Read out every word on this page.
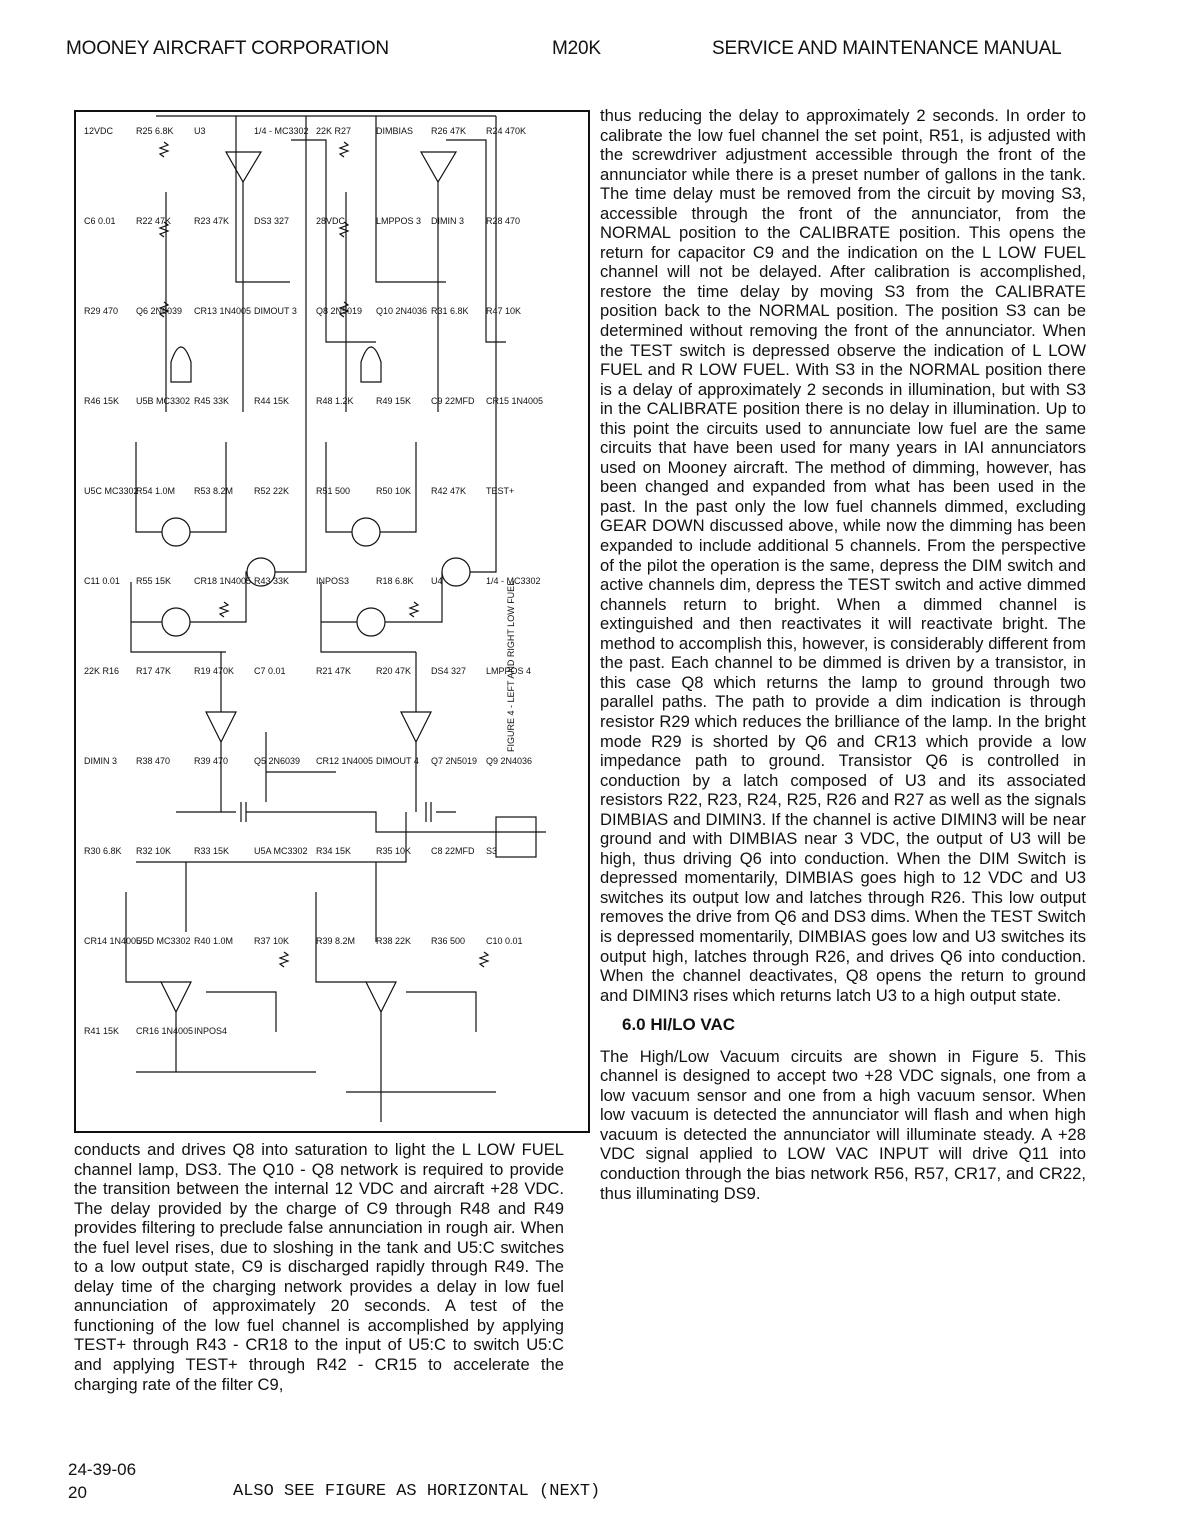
MOONEY AIRCRAFT CORPORATION	M20K	SERVICE AND MAINTENANCE MANUAL
12VDC	R25 6.8K U3	1/4 - MC3302 22K R27	DIMBIAS R26 47K R24 470K
C6 0.01 R22 47K	R23 47K	DS3 327	28VDC	LMPPOS 3 DIMIN 3 R28 470
R29 470 Q6 2N6039 CR13 1N4005 DIMOUT 3 Q8 2N5019 Q10 2N4036 R31 6.8K R47 10K
R46 15K U5B MC3302 R45 33K	R44 15K	R48 1.2K R49 15K C9 22MFD CR15 1N4005
U5C MC3302
R54 1.0M R53 8.2M R52 22K	R51 500	R50 10K R42 47K TEST+
C11 0.01 R55 15K	CR18 1N4005 R43 33K	INPOS3	R18 6.8K U4	1/4 - MC3302
22K R16 R17 47K	R19 470K C7 0.01	R21 47K	R20 47K DS4 327 LMPPOS 4
DIMIN 3 R38 470	R39 470	Q5 2N6039 CR12 1N4005 DIMOUT 4 Q7 2N5019 Q9 2N4036
R30 6.8K R32 10K	R33 15K	U5A MC3302 R34 15K	R35 10K C8 22MFD S3
CR14 1N4005
U5D MC3302 R40 1.0M R37 10K	R39 8.2M R38 22K R36 500 C10 0.01
R41 15K CR16 1N4005 INPOS4
FIGURE 4 - LEFT AND RIGHT LOW FUEL

conducts and drives Q8 into saturation to light the L LOW FUEL channel lamp, DS3. The Q10 - Q8 network is required to provide the transition between the internal 12 VDC and aircraft +28 VDC. The delay provided by the charge of C9 through R48 and R49 provides filtering to preclude false annunciation in rough air. When the fuel level rises, due to sloshing in the tank and U5:C switches to a low output state, C9 is discharged rapidly through R49. The delay time of the charging network provides a delay in low fuel annunciation of approximately 20 seconds. A test of the functioning of the low fuel channel is accomplished by applying TEST+ through R43 - CR18 to the input of U5:C to switch U5:C and applying TEST+ through R42 - CR15 to accelerate the charging rate of the filter C9,

thus reducing the delay to approximately 2 seconds. In order to calibrate the low fuel channel the set point, R51, is adjusted with the screwdriver adjustment accessible through the front of the annunciator while there is a preset number of gallons in the tank. The time delay must be removed from the circuit by moving S3, accessible through the front of the annunciator, from the NORMAL position to the CALIBRATE position. This opens the return for capacitor C9 and the indication on the L LOW FUEL channel will not be delayed. After calibration is accomplished, restore the time delay by moving S3 from the CALIBRATE position back to the NORMAL position. The position S3 can be determined without removing the front of the annunciator. When the TEST switch is depressed observe the indication of L LOW FUEL and R LOW FUEL. With S3 in the NORMAL position there is a delay of approximately 2 seconds in illumination, but with S3 in the CALIBRATE position there is no delay in illumination. Up to this point the circuits used to annunciate low fuel are the same circuits that have been used for many years in IAI annunciators used on Mooney aircraft. The method of dimming, however, has been changed and expanded from what has been used in the past. In the past only the low fuel channels dimmed, excluding GEAR DOWN discussed above, while now the dimming has been expanded to include additional 5 channels. From the perspective of the pilot the operation is the same, depress the DIM switch and active channels dim, depress the TEST switch and active dimmed channels return to bright. When a dimmed channel is extinguished and then reactivates it will reactivate bright. The method to accomplish this, however, is considerably different from the past. Each channel to be dimmed is driven by a transistor, in this case Q8 which returns the lamp to ground through two parallel paths. The path to provide a dim indication is through resistor R29 which reduces the brilliance of the lamp. In the bright mode R29 is shorted by Q6 and CR13 which provide a low impedance path to ground. Transistor Q6 is controlled in conduction by a latch composed of U3 and its associated resistors R22, R23, R24, R25, R26 and R27 as well as the signals DIMBIAS and DIMIN3. If the channel is active DIMIN3 will be near ground and with DIMBIAS near 3 VDC, the output of U3 will be high, thus driving Q6 into conduction. When the DIM Switch is depressed momentarily, DIMBIAS goes high to 12 VDC and U3 switches its output low and latches through R26. This low output removes the drive from Q6 and DS3 dims. When the TEST Switch is depressed momentarily, DIMBIAS goes low and U3 switches its output high, latches through R26, and drives Q6 into conduction. When the channel deactivates, Q8 opens the return to ground and DIMIN3 rises which returns latch U3 to a high output state.

6.0 HI/LO VAC

The High/Low Vacuum circuits are shown in Figure 5. This channel is designed to accept two +28 VDC signals, one from a low vacuum sensor and one from a high vacuum sensor. When low vacuum is detected the annunciator will flash and when high vacuum is detected the annunciator will illuminate steady. A +28 VDC signal applied to LOW VAC INPUT will drive Q11 into conduction through the bias network R56, R57, CR17, and CR22, thus illuminating DS9.

24-39-06
20	ALSO SEE FIGURE AS HORIZONTAL (NEXT)
